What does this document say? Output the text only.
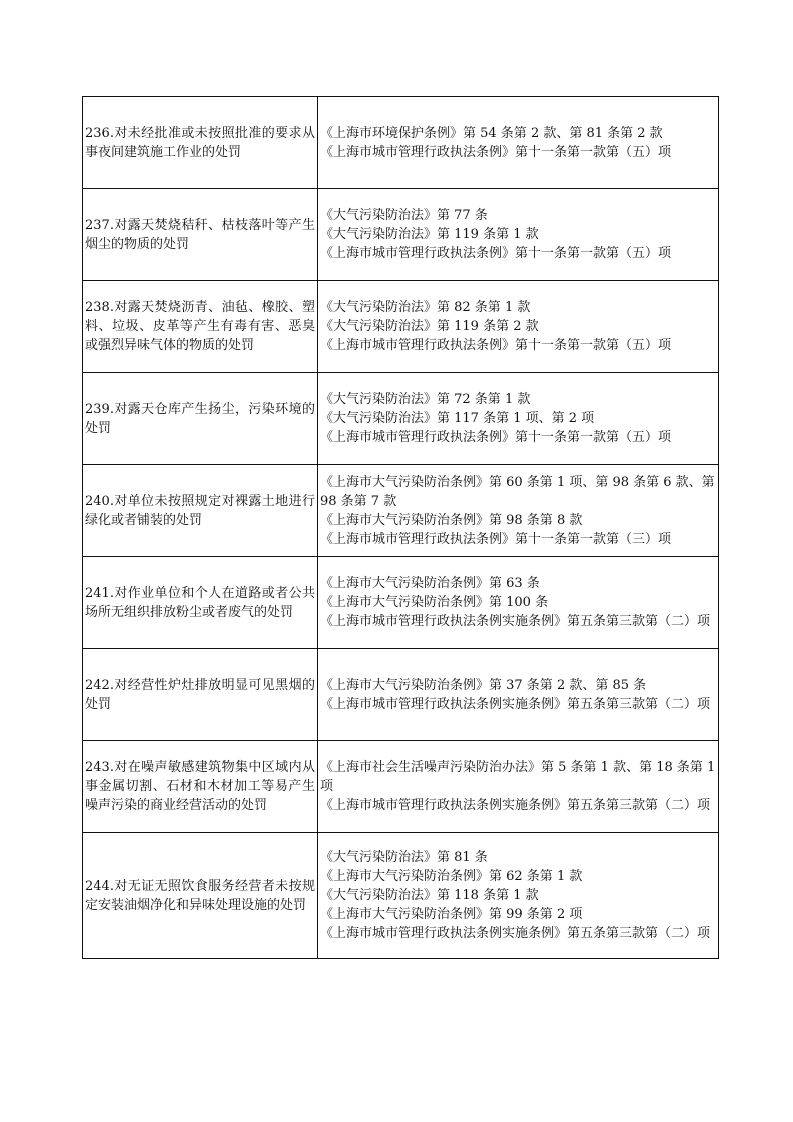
236.对未经批准或未按照批准的要求从事夜间建筑施工作业的处罚	《上海市环境保护条例》第 54 条第 2 款、第 81 条第 2 款
《上海市城市管理行政执法条例》第十一条第一款第（五）项

237.对露天焚烧秸秆、枯枝落叶等产生烟尘的物质的处罚	《大气污染防治法》第 77 条
《大气污染防治法》第 119 条第 1 款
《上海市城市管理行政执法条例》第十一条第一款第（五）项

238.对露天焚烧沥青、油毡、橡胶、塑料、垃圾、皮革等产生有毒有害、恶臭或强烈异味气体的物质的处罚	《大气污染防治法》第 82 条第 1 款
《大气污染防治法》第 119 条第 2 款
《上海市城市管理行政执法条例》第十一条第一款第（五）项

239.对露天仓库产生扬尘，污染环境的处罚	《大气污染防治法》第 72 条第 1 款
《大气污染防治法》第 117 条第 1 项、第 2 项
《上海市城市管理行政执法条例》第十一条第一款第（五）项

240.对单位未按照规定对裸露土地进行绿化或者铺装的处罚	《上海市大气污染防治条例》第 60 条第 1 项、第 98 条第 6 款、第 98 条第 7 款
《上海市大气污染防治条例》第 98 条第 8 款
《上海市城市管理行政执法条例》第十一条第一款第（三）项

241.对作业单位和个人在道路或者公共场所无组织排放粉尘或者废气的处罚	《上海市大气污染防治条例》第 63 条
《上海市大气污染防治条例》第 100 条
《上海市城市管理行政执法条例实施条例》第五条第三款第（二）项

242.对经营性炉灶排放明显可见黑烟的处罚	《上海市大气污染防治条例》第 37 条第 2 款、第 85 条
《上海市城市管理行政执法条例实施条例》第五条第三款第（二）项

243.对在噪声敏感建筑物集中区域内从事金属切割、石材和木材加工等易产生噪声污染的商业经营活动的处罚	《上海市社会生活噪声污染防治办法》第 5 条第 1 款、第 18 条第 1 项
《上海市城市管理行政执法条例实施条例》第五条第三款第（二）项

244.对无证无照饮食服务经营者未按规定安装油烟净化和异味处理设施的处罚	《大气污染防治法》第 81 条
《上海市大气污染防治条例》第 62 条第 1 款
《大气污染防治法》第 118 条第 1 款
《上海市大气污染防治条例》第 99 条第 2 项
《上海市城市管理行政执法条例实施条例》第五条第三款第（二）项
